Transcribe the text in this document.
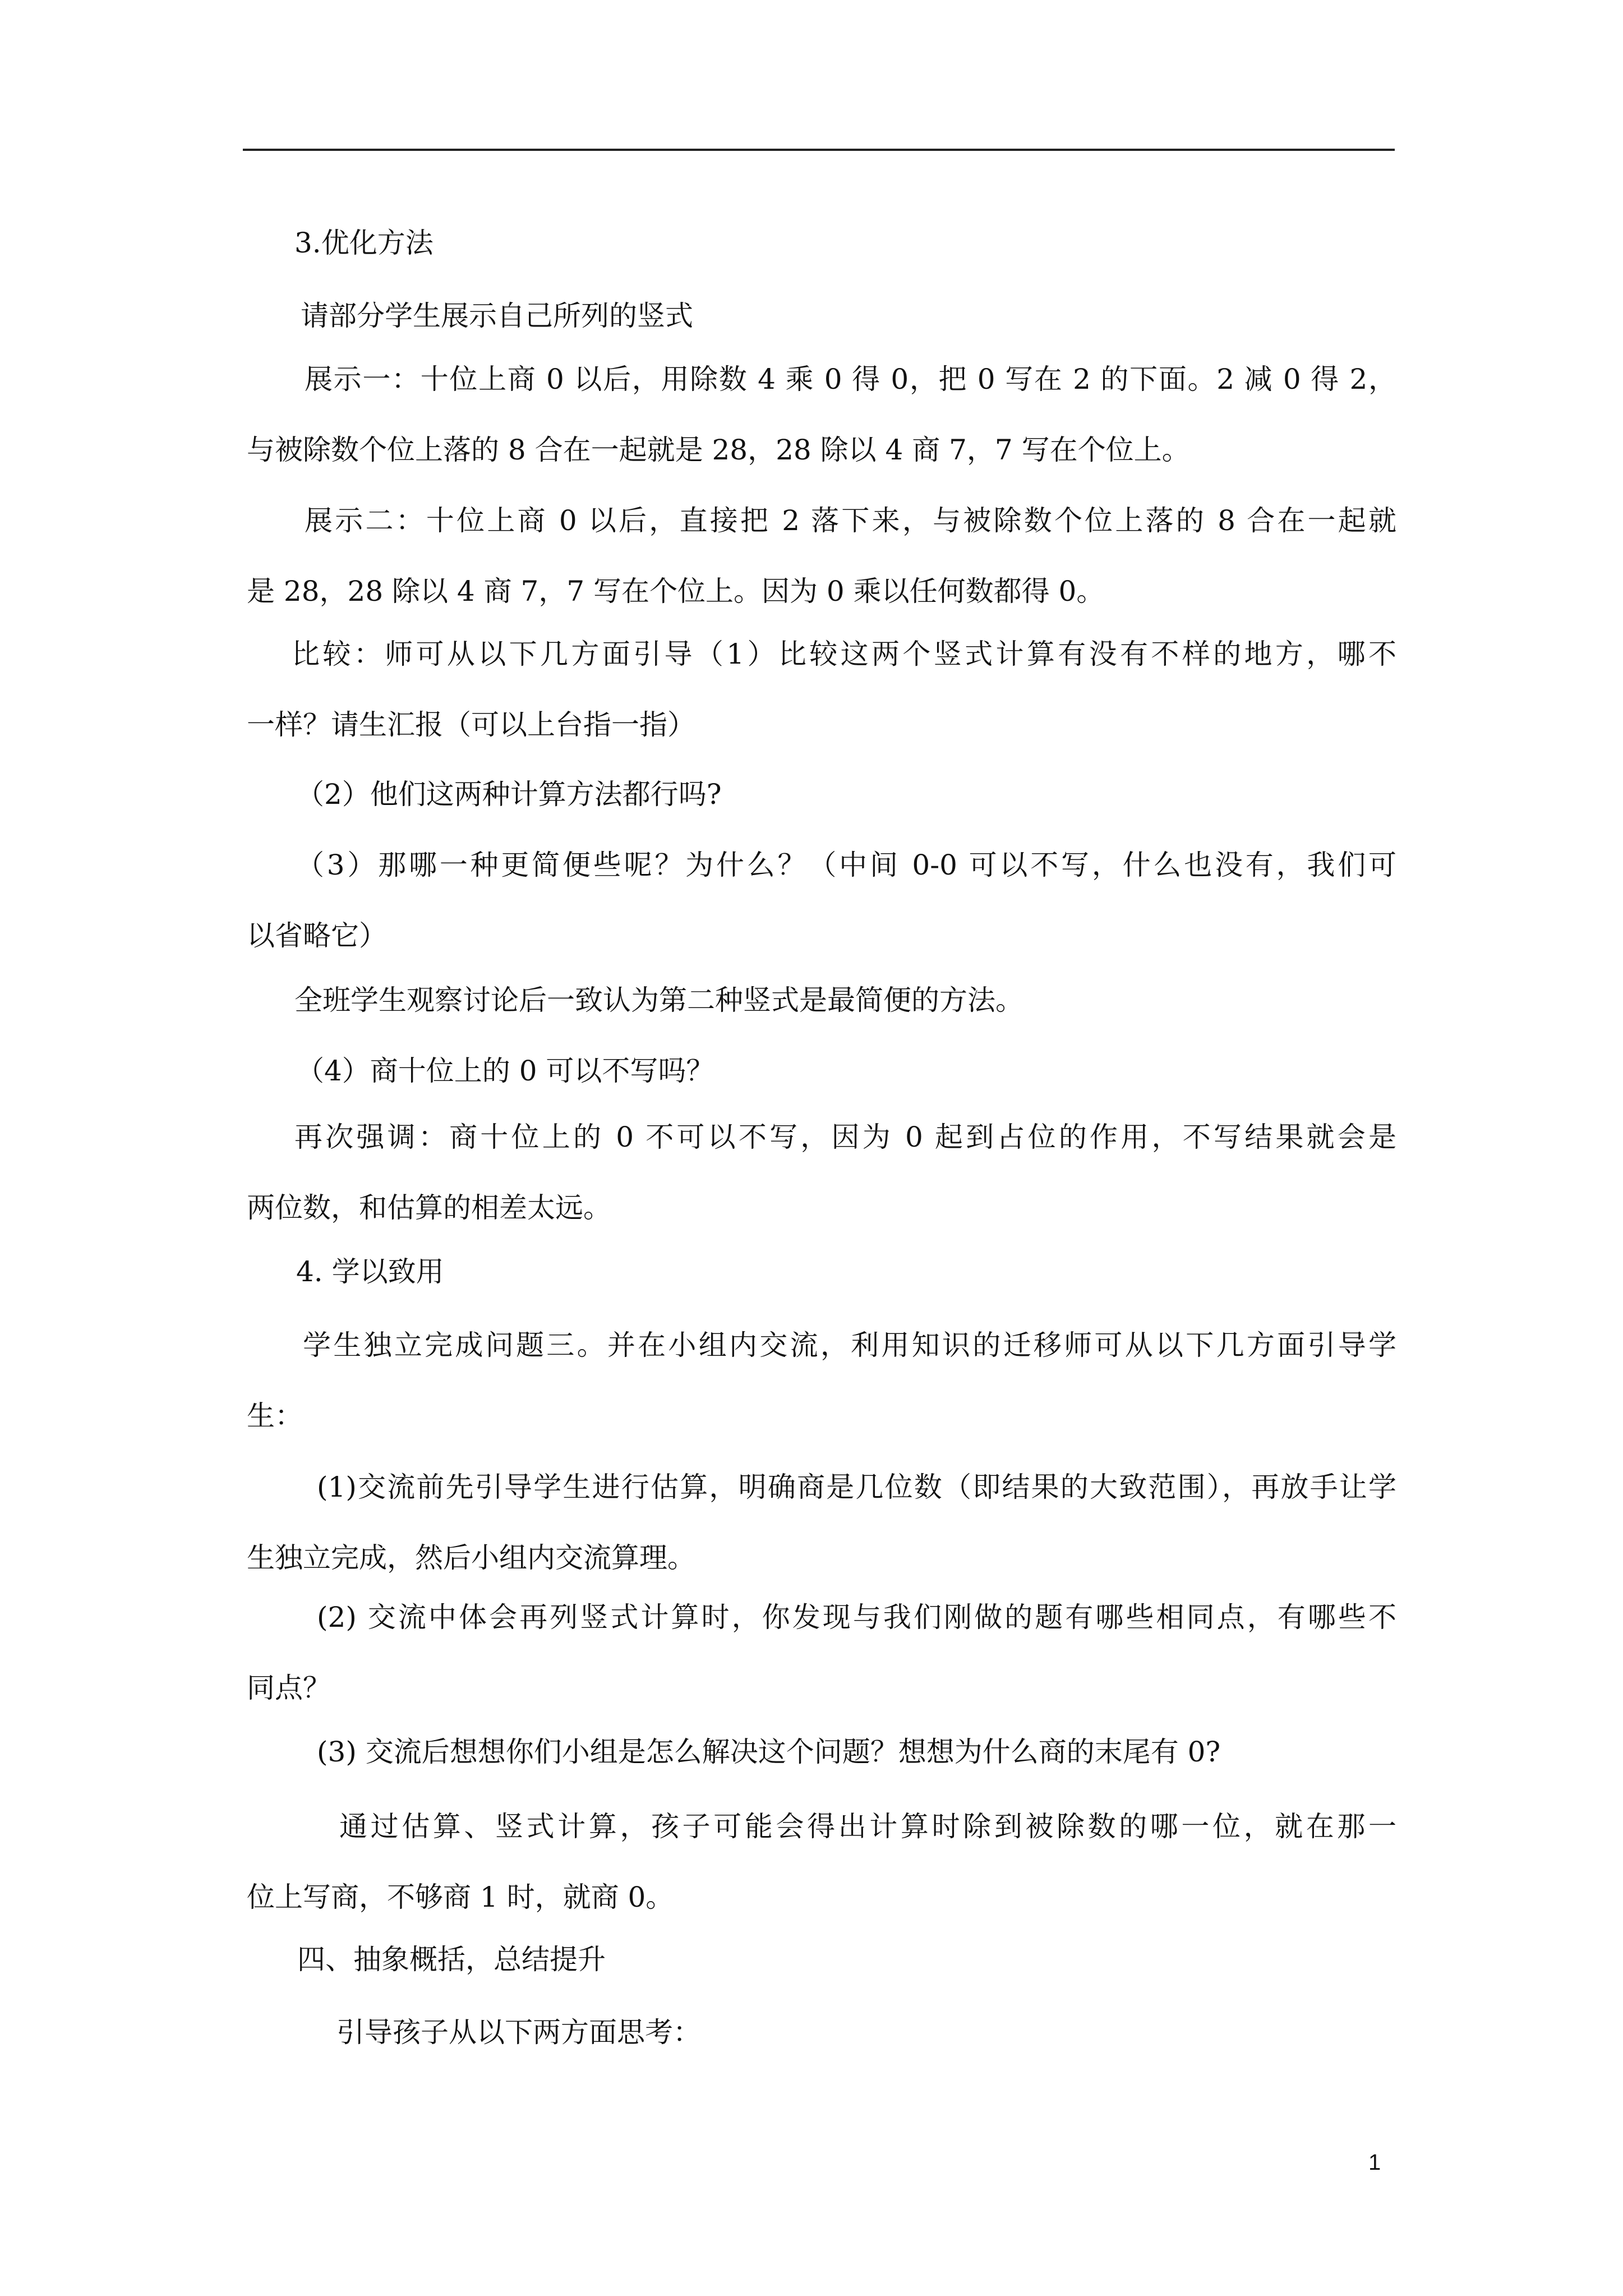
3.优化方法
请部分学生展示自己所列的竖式
展示一：十位上商 0 以后，用除数 4 乘 0 得 0，把 0 写在 2 的下面。2 减 0 得 2，
与被除数个位上落的 8 合在一起就是 28，28 除以 4 商 7，7 写在个位上。
展示二：十位上商 0 以后，直接把 2 落下来，与被除数个位上落的 8 合在一起就
是 28，28 除以 4 商 7，7 写在个位上。因为 0 乘以任何数都得 0。
比较：师可从以下几方面引导（1）比较这两个竖式计算有没有不样的地方，哪不
一样？请生汇报（可以上台指一指）
（2）他们这两种计算方法都行吗?
（3）那哪一种更简便些呢？为什么？（中间 0-0 可以不写，什么也没有，我们可
以省略它）
全班学生观察讨论后一致认为第二种竖式是最简便的方法。
（4）商十位上的 0 可以不写吗？
再次强调：商十位上的 0 不可以不写，因为 0 起到占位的作用，不写结果就会是
两位数，和估算的相差太远。
4. 学以致用
学生独立完成问题三。并在小组内交流，利用知识的迁移师可从以下几方面引导学
生：
(1)交流前先引导学生进行估算，明确商是几位数（即结果的大致范围），再放手让学
生独立完成，然后小组内交流算理。
(2) 交流中体会再列竖式计算时，你发现与我们刚做的题有哪些相同点，有哪些不
同点？
(3) 交流后想想你们小组是怎么解决这个问题？想想为什么商的末尾有 0?
通过估算、竖式计算，孩子可能会得出计算时除到被除数的哪一位，就在那一
位上写商，不够商 1 时，就商 0。
四、抽象概括，总结提升
引导孩子从以下两方面思考：
1
